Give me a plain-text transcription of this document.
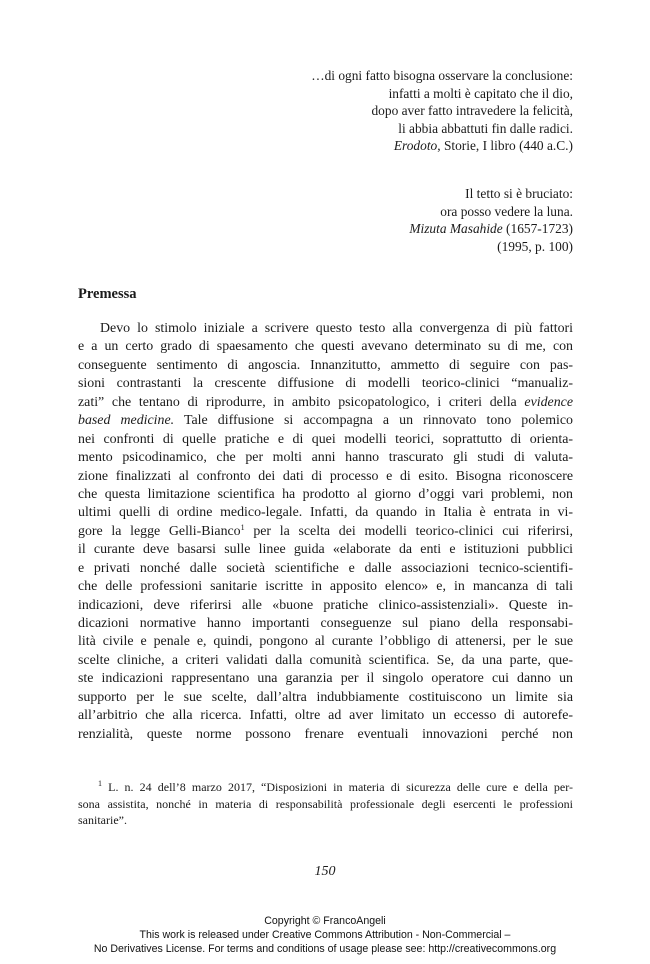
…di ogni fatto bisogna osservare la conclusione:
infatti a molti è capitato che il dio,
dopo aver fatto intravedere la felicità,
li abbia abbattuti fin dalle radici.
Erodoto, Storie, I libro (440 a.C.)
Il tetto si è bruciato:
ora posso vedere la luna.
Mizuta Masahide (1657-1723)
(1995, p. 100)
Premessa
Devo lo stimolo iniziale a scrivere questo testo alla convergenza di più fattori
e a un certo grado di spaesamento che questi avevano determinato su di me, con
conseguente sentimento di angoscia. Innanzitutto, ammetto di seguire con pas-
sioni contrastanti la crescente diffusione di modelli teorico-clinici “manualiz-
zati” che tentano di riprodurre, in ambito psicopatologico, i criteri della evidence
based medicine. Tale diffusione si accompagna a un rinnovato tono polemico
nei confronti di quelle pratiche e di quei modelli teorici, soprattutto di orienta-
mento psicodinamico, che per molti anni hanno trascurato gli studi di valuta-
zione finalizzati al confronto dei dati di processo e di esito. Bisogna riconoscere
che questa limitazione scientifica ha prodotto al giorno d’oggi vari problemi, non
ultimi quelli di ordine medico-legale. Infatti, da quando in Italia è entrata in vi-
gore la legge Gelli-Bianco$^1$ per la scelta dei modelli teorico-clinici cui riferirsi,
il curante deve basarsi sulle linee guida «elaborate da enti e istituzioni pubblici
e privati nonché dalle società scientifiche e dalle associazioni tecnico-scientifi-
che delle professioni sanitarie iscritte in apposito elenco» e, in mancanza di tali
indicazioni, deve riferirsi alle «buone pratiche clinico-assistenziali». Queste in-
dicazioni normative hanno importanti conseguenze sul piano della responsabi-
lità civile e penale e, quindi, pongono al curante l’obbligo di attenersi, per le sue
scelte cliniche, a criteri validati dalla comunità scientifica. Se, da una parte, que-
ste indicazioni rappresentano una garanzia per il singolo operatore cui danno un
supporto per le sue scelte, dall’altra indubbiamente costituiscono un limite sia
all’arbitrio che alla ricerca. Infatti, oltre ad aver limitato un eccesso di autorefe-
renzialità, queste norme possono frenare eventuali innovazioni perché non
$^1$ L. n. 24 dell’8 marzo 2017, “Disposizioni in materia di sicurezza delle cure e della per-
sona assistita, nonché in materia di responsabilità professionale degli esercenti le professioni
sanitarie”.
150
Copyright © FrancoAngeli
This work is released under Creative Commons Attribution - Non-Commercial –
No Derivatives License. For terms and conditions of usage please see: http://creativecommons.org
